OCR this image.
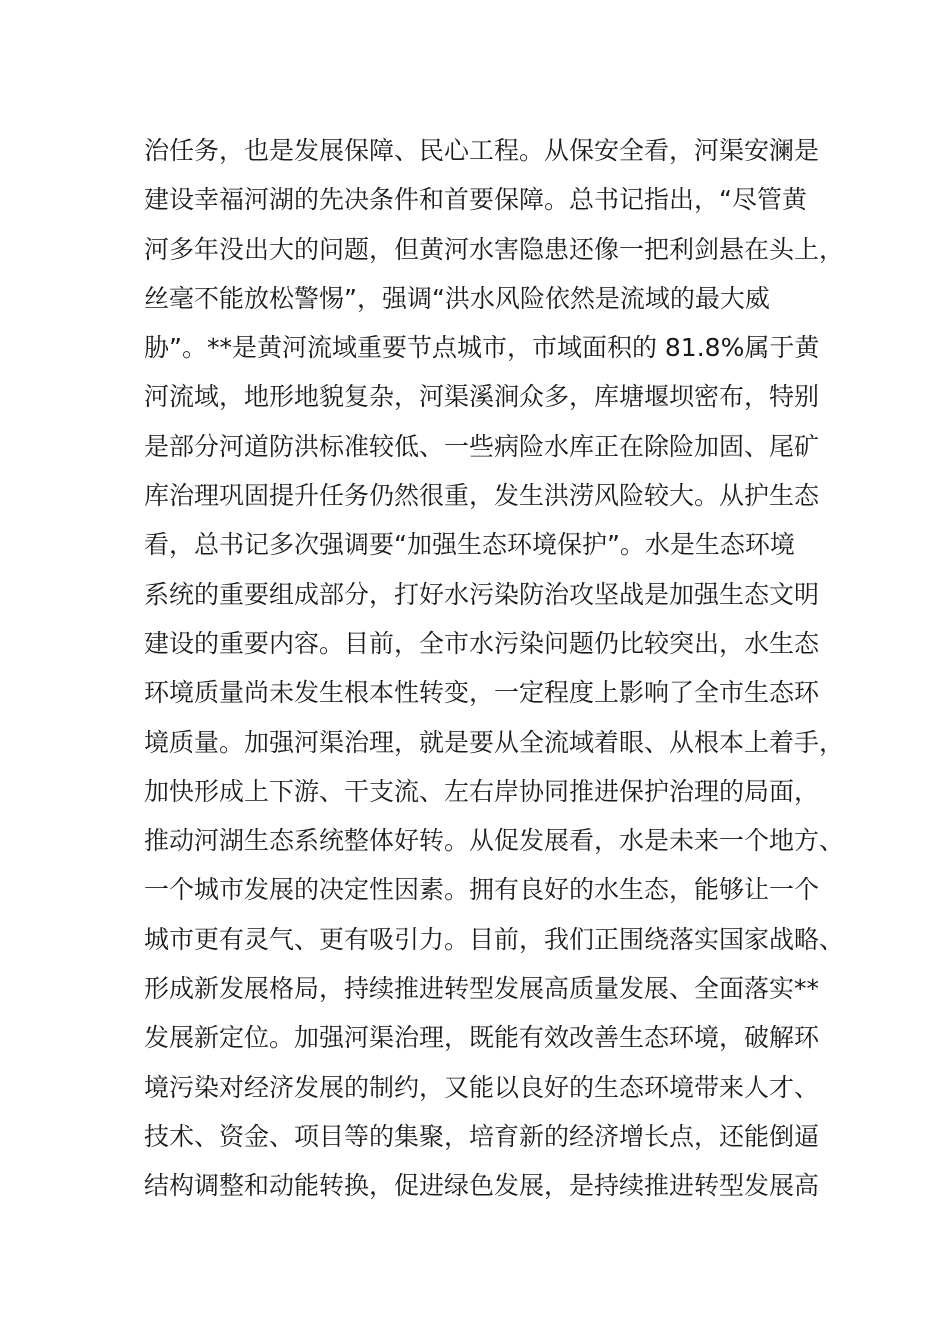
治任务，也是发展保障、民心工程。从保安全看，河渠安澜是
建设幸福河湖的先决条件和首要保障。总书记指出，“尽管黄
河多年没出大的问题，但黄河水害隐患还像一把利剑悬在头上，
丝毫不能放松警惕”，强调“洪水风险依然是流域的最大威
胁”。**是黄河流域重要节点城市，市域面积的 81.8%属于黄
河流域，地形地貌复杂，河渠溪涧众多，库塘堰坝密布，特别
是部分河道防洪标准较低、一些病险水库正在除险加固、尾矿
库治理巩固提升任务仍然很重，发生洪涝风险较大。从护生态
看，总书记多次强调要“加强生态环境保护”。水是生态环境
系统的重要组成部分，打好水污染防治攻坚战是加强生态文明
建设的重要内容。目前，全市水污染问题仍比较突出，水生态
环境质量尚未发生根本性转变，一定程度上影响了全市生态环
境质量。加强河渠治理，就是要从全流域着眼、从根本上着手，
加快形成上下游、干支流、左右岸协同推进保护治理的局面，
推动河湖生态系统整体好转。从促发展看，水是未来一个地方、
一个城市发展的决定性因素。拥有良好的水生态，能够让一个
城市更有灵气、更有吸引力。目前，我们正围绕落实国家战略、
形成新发展格局，持续推进转型发展高质量发展、全面落实**
发展新定位。加强河渠治理，既能有效改善生态环境，破解环
境污染对经济发展的制约，又能以良好的生态环境带来人才、
技术、资金、项目等的集聚，培育新的经济增长点，还能倒逼
结构调整和动能转换，促进绿色发展，是持续推进转型发展高
